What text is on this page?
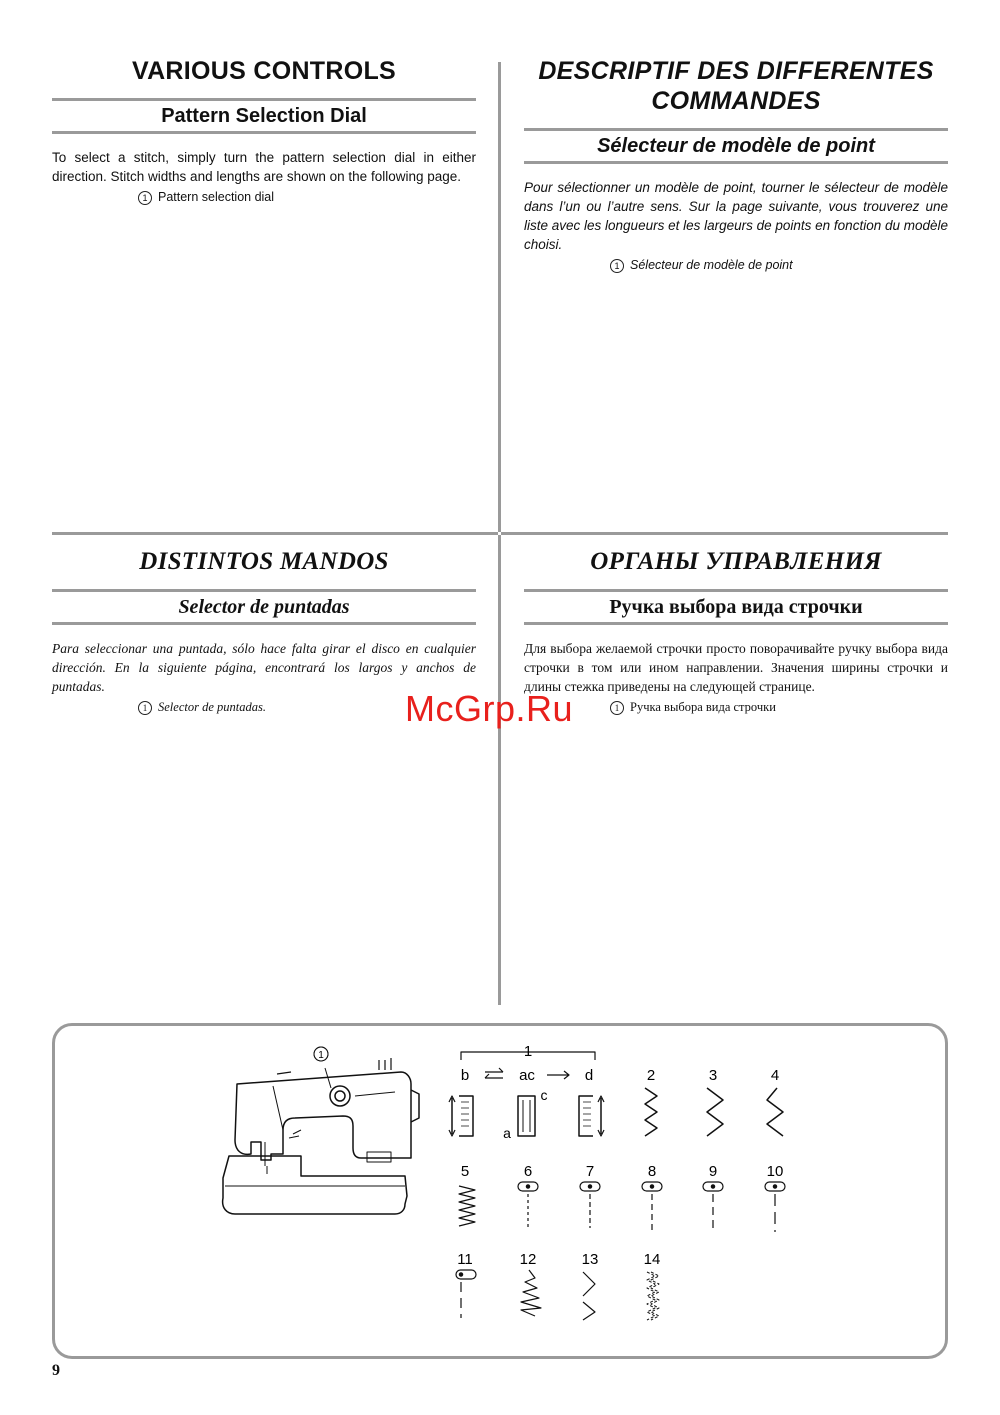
VARIOUS CONTROLS
Pattern Selection Dial
To select a stitch, simply turn the pattern selection dial in either direction. Stitch widths and lengths are shown on the following page.
1 Pattern selection dial
DESCRIPTIF DES DIFFERENTES
COMMANDES
Sélecteur de modèle de point
Pour sélectionner un modèle de point, tourner le sélecteur de modèle dans l’un ou l’autre sens. Sur la page suivante, vous trouverez une liste avec les longueurs et les largeurs de points en fonction du modèle choisi.
1 Sélecteur de modèle de point
DISTINTOS MANDOS
Selector de puntadas
Para seleccionar una puntada, sólo hace falta girar el disco en cualquier dirección. En la siguiente página, encontrará los largos y anchos de puntadas.
1 Selector de puntadas.
ОРГАНЫ УПРАВЛЕНИЯ
Ручка выбора вида строчки
Для выбора желаемой строчки просто поворачивайте ручку выбора вида строчки в том или ином направлении. Значения ширины строчки и длины стежка приведены на следующей странице.
1 Ручка выбора вида строчки
McGrp.Ru
1	1
b	ac	d
a
c
2	3	4
5	6	7	8	9	10
11	12	13	14
9
